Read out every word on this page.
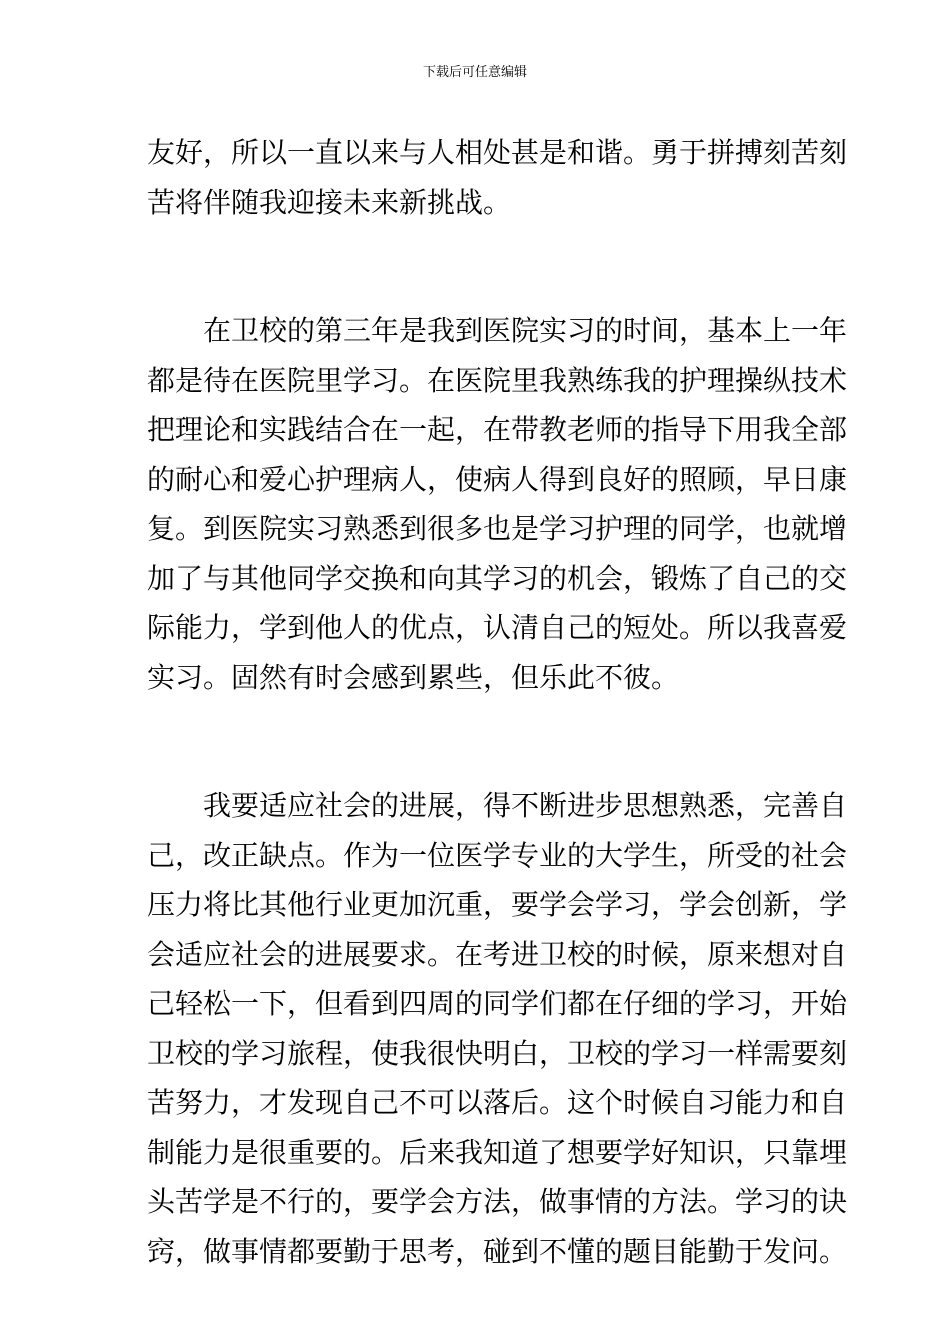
下载后可任意编辑
友好，所以一直以来与人相处甚是和谐。勇于拼搏刻苦刻
苦将伴随我迎接未来新挑战。
　　在卫校的第三年是我到医院实习的时间，基本上一年
都是待在医院里学习。在医院里我熟练我的护理操纵技术
把理论和实践结合在一起，在带教老师的指导下用我全部
的耐心和爱心护理病人，使病人得到良好的照顾，早日康
复。到医院实习熟悉到很多也是学习护理的同学，也就增
加了与其他同学交换和向其学习的机会，锻炼了自己的交
际能力，学到他人的优点，认清自己的短处。所以我喜爱
实习。固然有时会感到累些，但乐此不彼。
　　我要适应社会的进展，得不断进步思想熟悉，完善自
己，改正缺点。作为一位医学专业的大学生，所受的社会
压力将比其他行业更加沉重，要学会学习，学会创新，学
会适应社会的进展要求。在考进卫校的时候，原来想对自
己轻松一下，但看到四周的同学们都在仔细的学习，开始
卫校的学习旅程，使我很快明白，卫校的学习一样需要刻
苦努力，才发现自己不可以落后。这个时候自习能力和自
制能力是很重要的。后来我知道了想要学好知识，只靠埋
头苦学是不行的，要学会方法，做事情的方法。学习的诀
窍，做事情都要勤于思考，碰到不懂的题目能勤于发问。
